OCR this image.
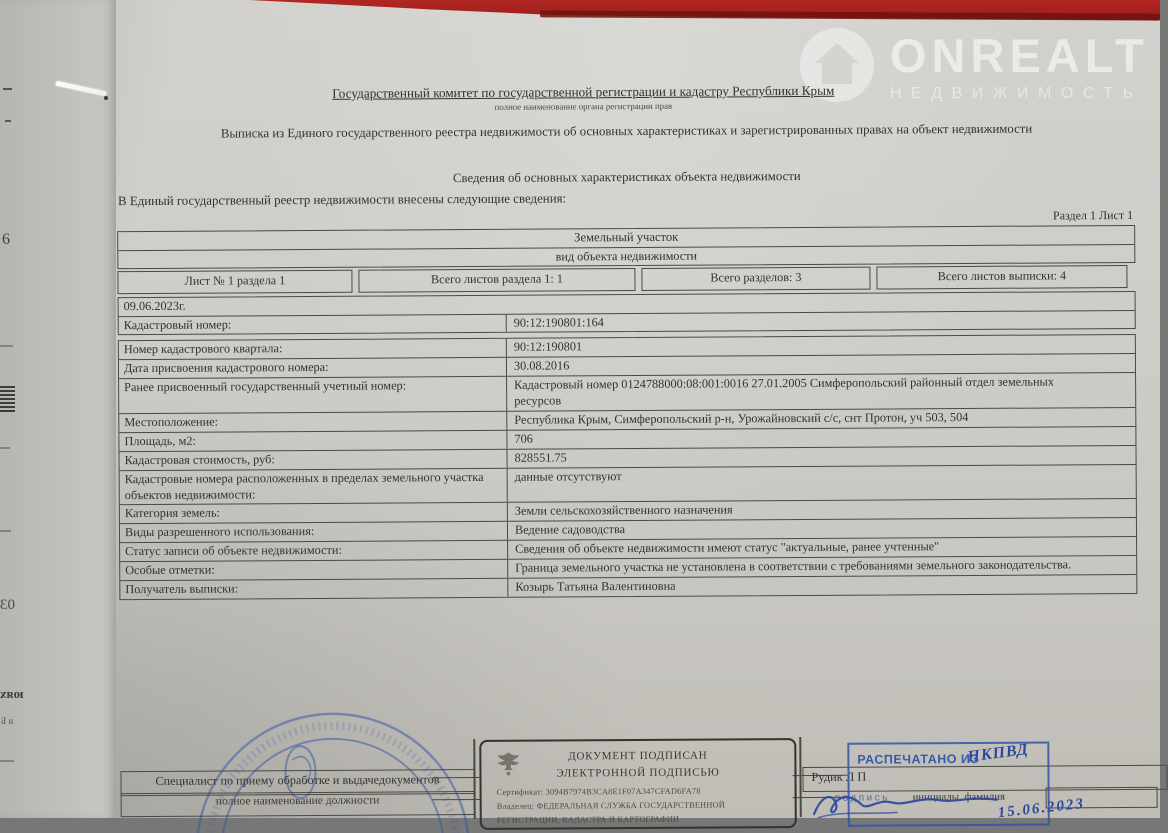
6
03
юях
и Б
ONREALT
НЕДВИЖИМОСТЬ
Государственный комитет по государственной регистрации и кадастру Республики Крым
полное наименование органа регистрации прав
Выписка из Единого государственного реестра недвижимости об основных характеристиках и зарегистрированных правах на объект недвижимости
Сведения об основных характеристиках объекта недвижимости
В Единый государственный реестр недвижимости внесены следующие сведения:
Раздел 1 Лист 1
Земельный участок
вид объекта недвижимости
Лист № 1 раздела 1	Всего листов раздела 1: 1	Всего разделов: 3	Всего листов выписки: 4
09.06.2023г.
Кадастровый номер:	90:12:190801:164
Номер кадастрового квартала:	90:12:190801
Дата присвоения кадастрового номера:	30.08.2016
Ранее присвоенный государственный учетный номер:	Кадастровый номер 0124788000:08:001:0016 27.01.2005 Симферопольский районный отдел земельных ресурсов
Местоположение:	Республика Крым, Симферопольский р-н, Урожайновский с/с, снт Протон, уч 503, 504
Площадь, м2:	706
Кадастровая стоимость, руб:	828551.75
Кадастровые номера расположенных в пределах земельного участка объектов недвижимости:
данные отсутствуют
Категория земель:	Земли сельскохозяйственного назначения
Виды разрешенного использования:	Ведение садоводства
Статус записи об объекте недвижимости:	Сведения об объекте недвижимости имеют статус "актуальные, ранее учтенные"
Особые отметки:	Граница земельного участка не установлена в соответствии с требованиями земельного законодательства.
Получатель выписки:	Козырь Татьяна Валентиновна
Специалист по приему обработке и выдачедокументов
полное наименование должности
ДОКУМЕНТ ПОДПИСАН
ЭЛЕКТРОННОЙ ПОДПИСЬЮ
Сертификат: 3094B7974B3CA8E1F07A347CFAD6FA78
Владелец: ФЕДЕРАЛЬНАЯ СЛУЖБА ГОСУДАРСТВЕННОЙ
РЕГИСТРАЦИИ, КАДАСТРА И КАРТОГРАФИИ
Рудик Л П
подпись инициалы, фамилия
РАСПЕЧАТАНО ИЗ
ПКПВД
15.06.2023
